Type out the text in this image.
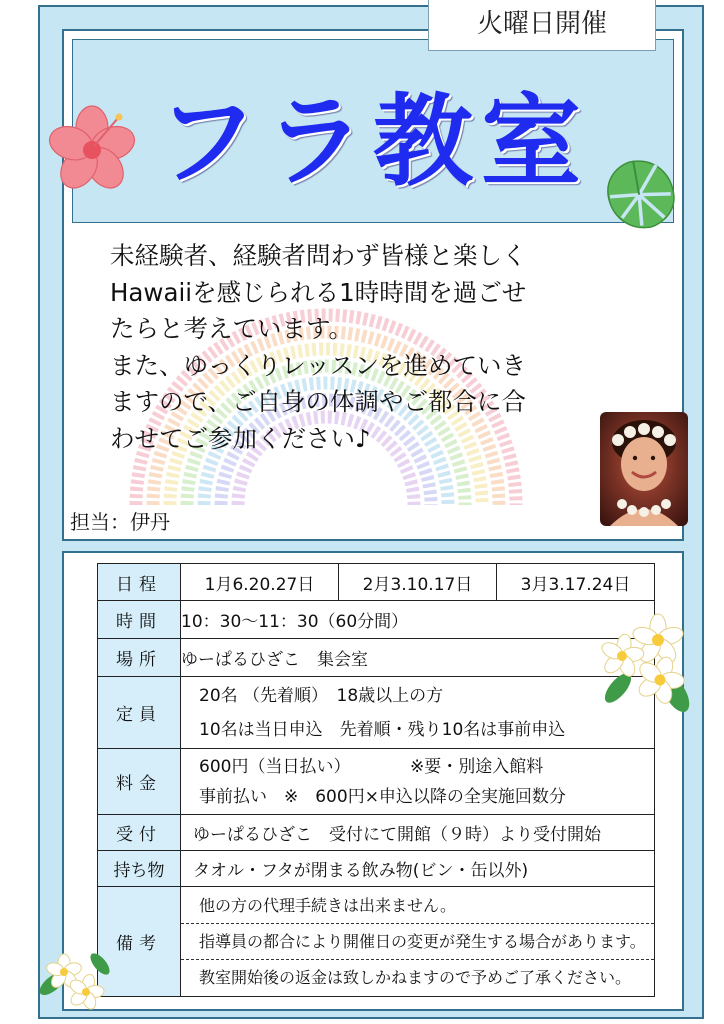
フラ教室
日程	1月6.20.27日 2月3.10.17日 3月3.17.24日

時間	10：30～11：30（60分間）
場所	ゆーぱるひざこ　集会室
定員	20名 （先着順）　18歳以上の方
10名は当日申込　先着順・残り10名は事前申込

料金	600円（当日払い）　　　　※要・別途入館料
事前払い　※　600円×申込以降の全実施回数分

受付	ゆーぱるひざこ　受付にて開館（９時）より受付開始
持ち物	タオル・フタが閉まる飲み物(ビン・缶以外)
備考	他の方の代理手続きは出来ません。
指導員の都合により開催日の変更が発生する場合があります。
教室開始後の返金は致しかねますので予めご了承ください。
火曜日開催
未経験者、経験者問わず皆様と楽しく
Hawaiiを感じられる1時時間を過ごせ
たらと考えています。
また、ゆっくりレッスンを進めていき
ますので、ご自身の体調やご都合に合
わせてご参加ください♪
担当：伊丹
